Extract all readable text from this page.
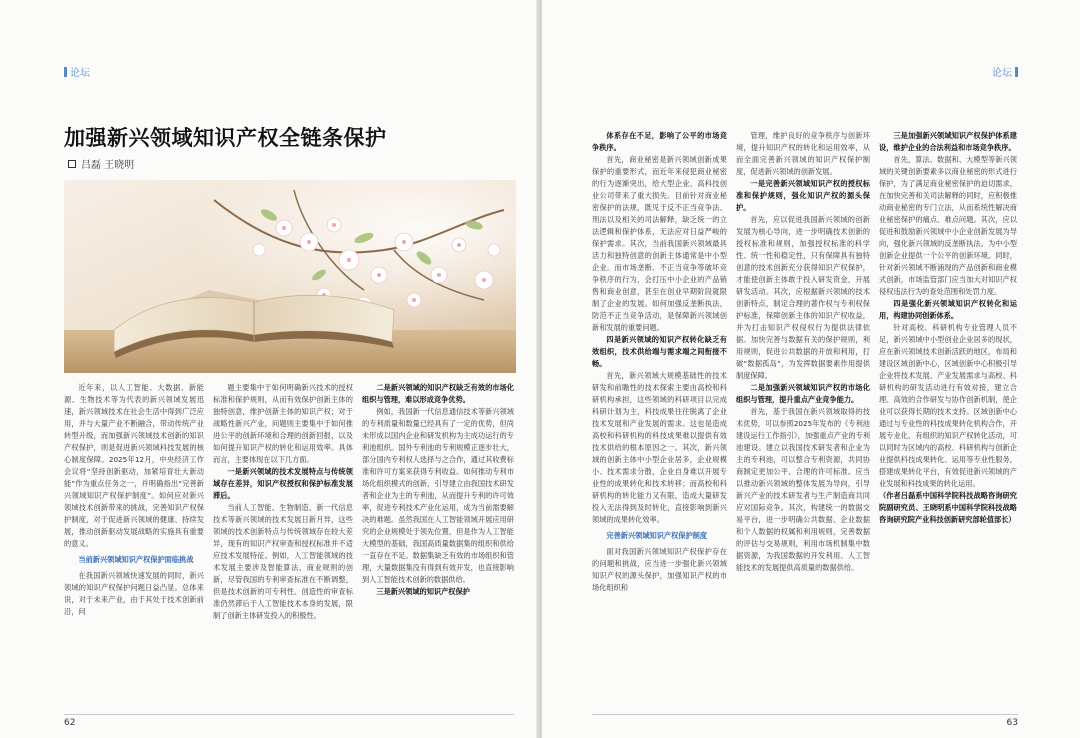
论坛
加强新兴领域知识产权全链条保护
吕磊 王晓明

近年来，以人工智能、大数据、新能源、生物技术等为代表的新兴领域发展迅速，新兴领域技术在社会生活中得到广泛应用，并与大量产业不断融合，带动传统产业转型升级，而加强新兴领域技术创新的知识产权保护，则是促进新兴领域科技发展的核心制度保障。2025年12月，中央经济工作会议将“坚持创新驱动，加紧培育壮大新动能”作为重点任务之一，并明确指出“完善新兴领域知识产权保护制度”。如何应对新兴领域技术创新带来的挑战，完善知识产权保护制度，对于促进新兴领域的健康、持续发展，推动创新驱动发展战略的实施具有重要的意义。

当前新兴领域知识产权保护面临挑战

在我国新兴领域快速发展的同时，新兴领域的知识产权保护问题日益凸显。总体来说，对于未来产业，由于其处于技术创新前沿，问

题主要集中于如何明确新兴技术的授权标准和保护规则，从而有效保护创新主体的独特创意，维护创新主体的知识产权；对于战略性新兴产业，问题则主要集中于如何推进公平的创新环境和合理的创新回报，以及如何提升知识产权的转化和运用效率。具体而言，主要体现在以下几方面。

一是新兴领域的技术发展特点与传统领域存在差异，知识产权授权和保护标准发展滞后。

当前人工智能、生物制造、新一代信息技术等新兴领域的技术发展日新月异，这些领域的技术创新特点与传统领域存在较大差异，现有的知识产权审查和授权标准并不适应技术发展特征。例如，人工智能领域的技术发展主要涉及智能算法、商业规则的创新，尽管我国的专利审查标准在不断调整，但是技术创新的可专利性、创造性的审查标准仍然滞后于人工智能技术本身的发展，限制了创新主体研发投入的积极性。

二是新兴领域的知识产权缺乏有效的市场化组织与管理，难以形成竞争优势。

例如，我国新一代信息通信技术等新兴领域的专利质量和数量已经具有了一定的优势，但尚未形成以国内企业和研发机构为主成功运行的专利池组织。国外专利池的专利规模正逐步壮大，部分国内专利权人选择与之合作，通过其收费标准和许可方案来获得专利收益。如何推动专利市场化组织模式的创新，引导建立由我国技术研发者和企业为主的专利池，从而提升专利的许可效率，促进专利技术产业化运用，成为当前需要解决的难题。虽然我国在人工智能领域开展应用研究的企业规模处于领先位置，但是作为人工智能大模型的基础，我国高质量数据集的组织和供给一直存在不足。数据集缺乏有效的市场组织和管理，大量数据集没有得到有效开发，也直接影响到人工智能技术创新的数据供给。

三是新兴领域的知识产权保护

62
论坛

体系存在不足，影响了公平的市场竞争秩序。

首先，商业秘密是新兴领域创新成果保护的重要形式，而近年来侵犯商业秘密的行为逐渐突出，给大型企业、高科技创业公司带来了重大损失。目前针对商业秘密保护的法规，既见于反不正当竞争法、刑法以及相关的司法解释，缺乏统一的立法逻辑和保护体系，无法应对日益严峻的保护需求。其次，当前我国新兴领域最具活力和独特创意的创新主体通常是中小型企业。而市场垄断、不正当竞争等破坏竞争秩序的行为，会打压中小企业的产品销售和商业创意，甚至在创业早期阶段就限制了企业的发展。如何加强反垄断执法，防范不正当竞争活动，是保障新兴领域创新和发展的重要问题。

四是新兴领域的知识产权转化缺乏有效组织，技术供给端与需求端之间衔接不畅。

首先，新兴领域大规模基础性的技术研发和前瞻性的技术探索主要由高校和科研机构承担，这些领域的科研项目以完成科研计划为主，科技成果往往脱离了企业技术发展和产业发展的需求。这也是造成高校和科研机构的科技成果难以提供有效技术供给的根本原因之一。其次，新兴领域的创新主体中小型企业居多，企业规模小、技术需求分散，企业自身难以开展专业性的成果转化和技术转移；而高校和科研机构的转化能力又有限，造成大量研发投入无法得到及时转化，直接影响到新兴领域的成果转化效率。

完善新兴领域知识产权保护制度

面对我国新兴领域知识产权保护存在的问题和挑战，应当进一步强化新兴领域知识产权的源头保护，加强知识产权的市场化组织和

管理，维护良好的竞争秩序与创新环境，提升知识产权的转化和运用效率，从而全面完善新兴领域的知识产权保护制度，促进新兴领域的创新发展。

一是完善新兴领域知识产权的授权标准和保护规则，强化知识产权的源头保护。

首先，应以促进我国新兴领域的创新发展为核心导向，进一步明确技术创新的授权标准和规则，加强授权标准的科学性、统一性和稳定性，只有保障具有独特创意的技术创新充分获得知识产权保护，才能使创新主体敢于投入研发资金，开展研发活动。其次，应根据新兴领域的技术创新特点，制定合理的著作权与专利权保护标准，保障创新主体的知识产权收益，并为打击知识产权侵权行为提供法律依据。加快完善与数据有关的保护规则，利用规则，促进公共数据的开放和利用，打破“数据孤岛”，为发挥数据要素作用提供制度保障。

二是加强新兴领域知识产权的市场化组织与管理，提升重点产业竞争能力。

首先，基于我国在新兴领域取得的技术优势，可以参照2025年发布的《专利池建设运行工作指引》，加强重点产业的专利池建设。建立以我国技术研发者和企业为主的专利池，可以整合专利资源，共同协商制定更加公平、合理的许可标准。应当以推动新兴领域的整体发展为导向，引导新兴产业的技术研发者与生产制造商共同应对国际竞争。其次，构建统一的数据交易平台，进一步明确公共数据、企业数据和个人数据的权属和利用规则，完善数据的评估与交易规则，利用市场机制集中数据资源，为我国数据的开发利用、人工智能技术的发展提供高质量的数据供给。

三是加强新兴领域知识产权保护体系建设，维护企业的合法利益和市场竞争秩序。

首先，算法、数据和、大模型等新兴领域的关键创新要素多以商业秘密的形式进行保护，为了满足商业秘密保护的迫切需求，在加快完善和关司法解释的同时，应积极推动商业秘密的专门立法，从而系统性解决商业秘密保护的痛点、难点问题。其次，应以促进和鼓励新兴领域中小企业创新发展为导向，强化新兴领域的反垄断执法。为中小型创新企业提供一个公平的创新环境。同时，针对新兴领域不断涌现的产品创新和商业模式创新，市场监管部门应当加大对知识产权侵权违法行为的查处范围和处罚力度。

四是强化新兴领域知识产权转化和运用，构建协同创新体系。

针对高校、科研机构专业管理人员不足，新兴领域中小型创业企业居多的现状，应在新兴领域技术创新活跃的地区，布局和建设区域创新中心，区域创新中心积极引导企业将技术发展、产业发展需求与高校、科研机构的研发活动进行有效对接，建立合理、高效的合作研发与协作创新机制，使企业可以获得长期的技术支持。区域创新中心通过与专业性的科技成果转化机构合作，开展专业化、有组织的知识产权转化活动，可以同时为区域内的高校、科研机构与创新企业提供科技成果转化、运用等专业性服务，搭建成果转化平台，有效促进新兴领域的产业发展和科技成果的转化运用。

（作者吕磊系中国科学院科技战略咨询研究院副研究员、王晓明系中国科学院科技战略咨询研究院产业科技创新研究部轮值部长）

63
